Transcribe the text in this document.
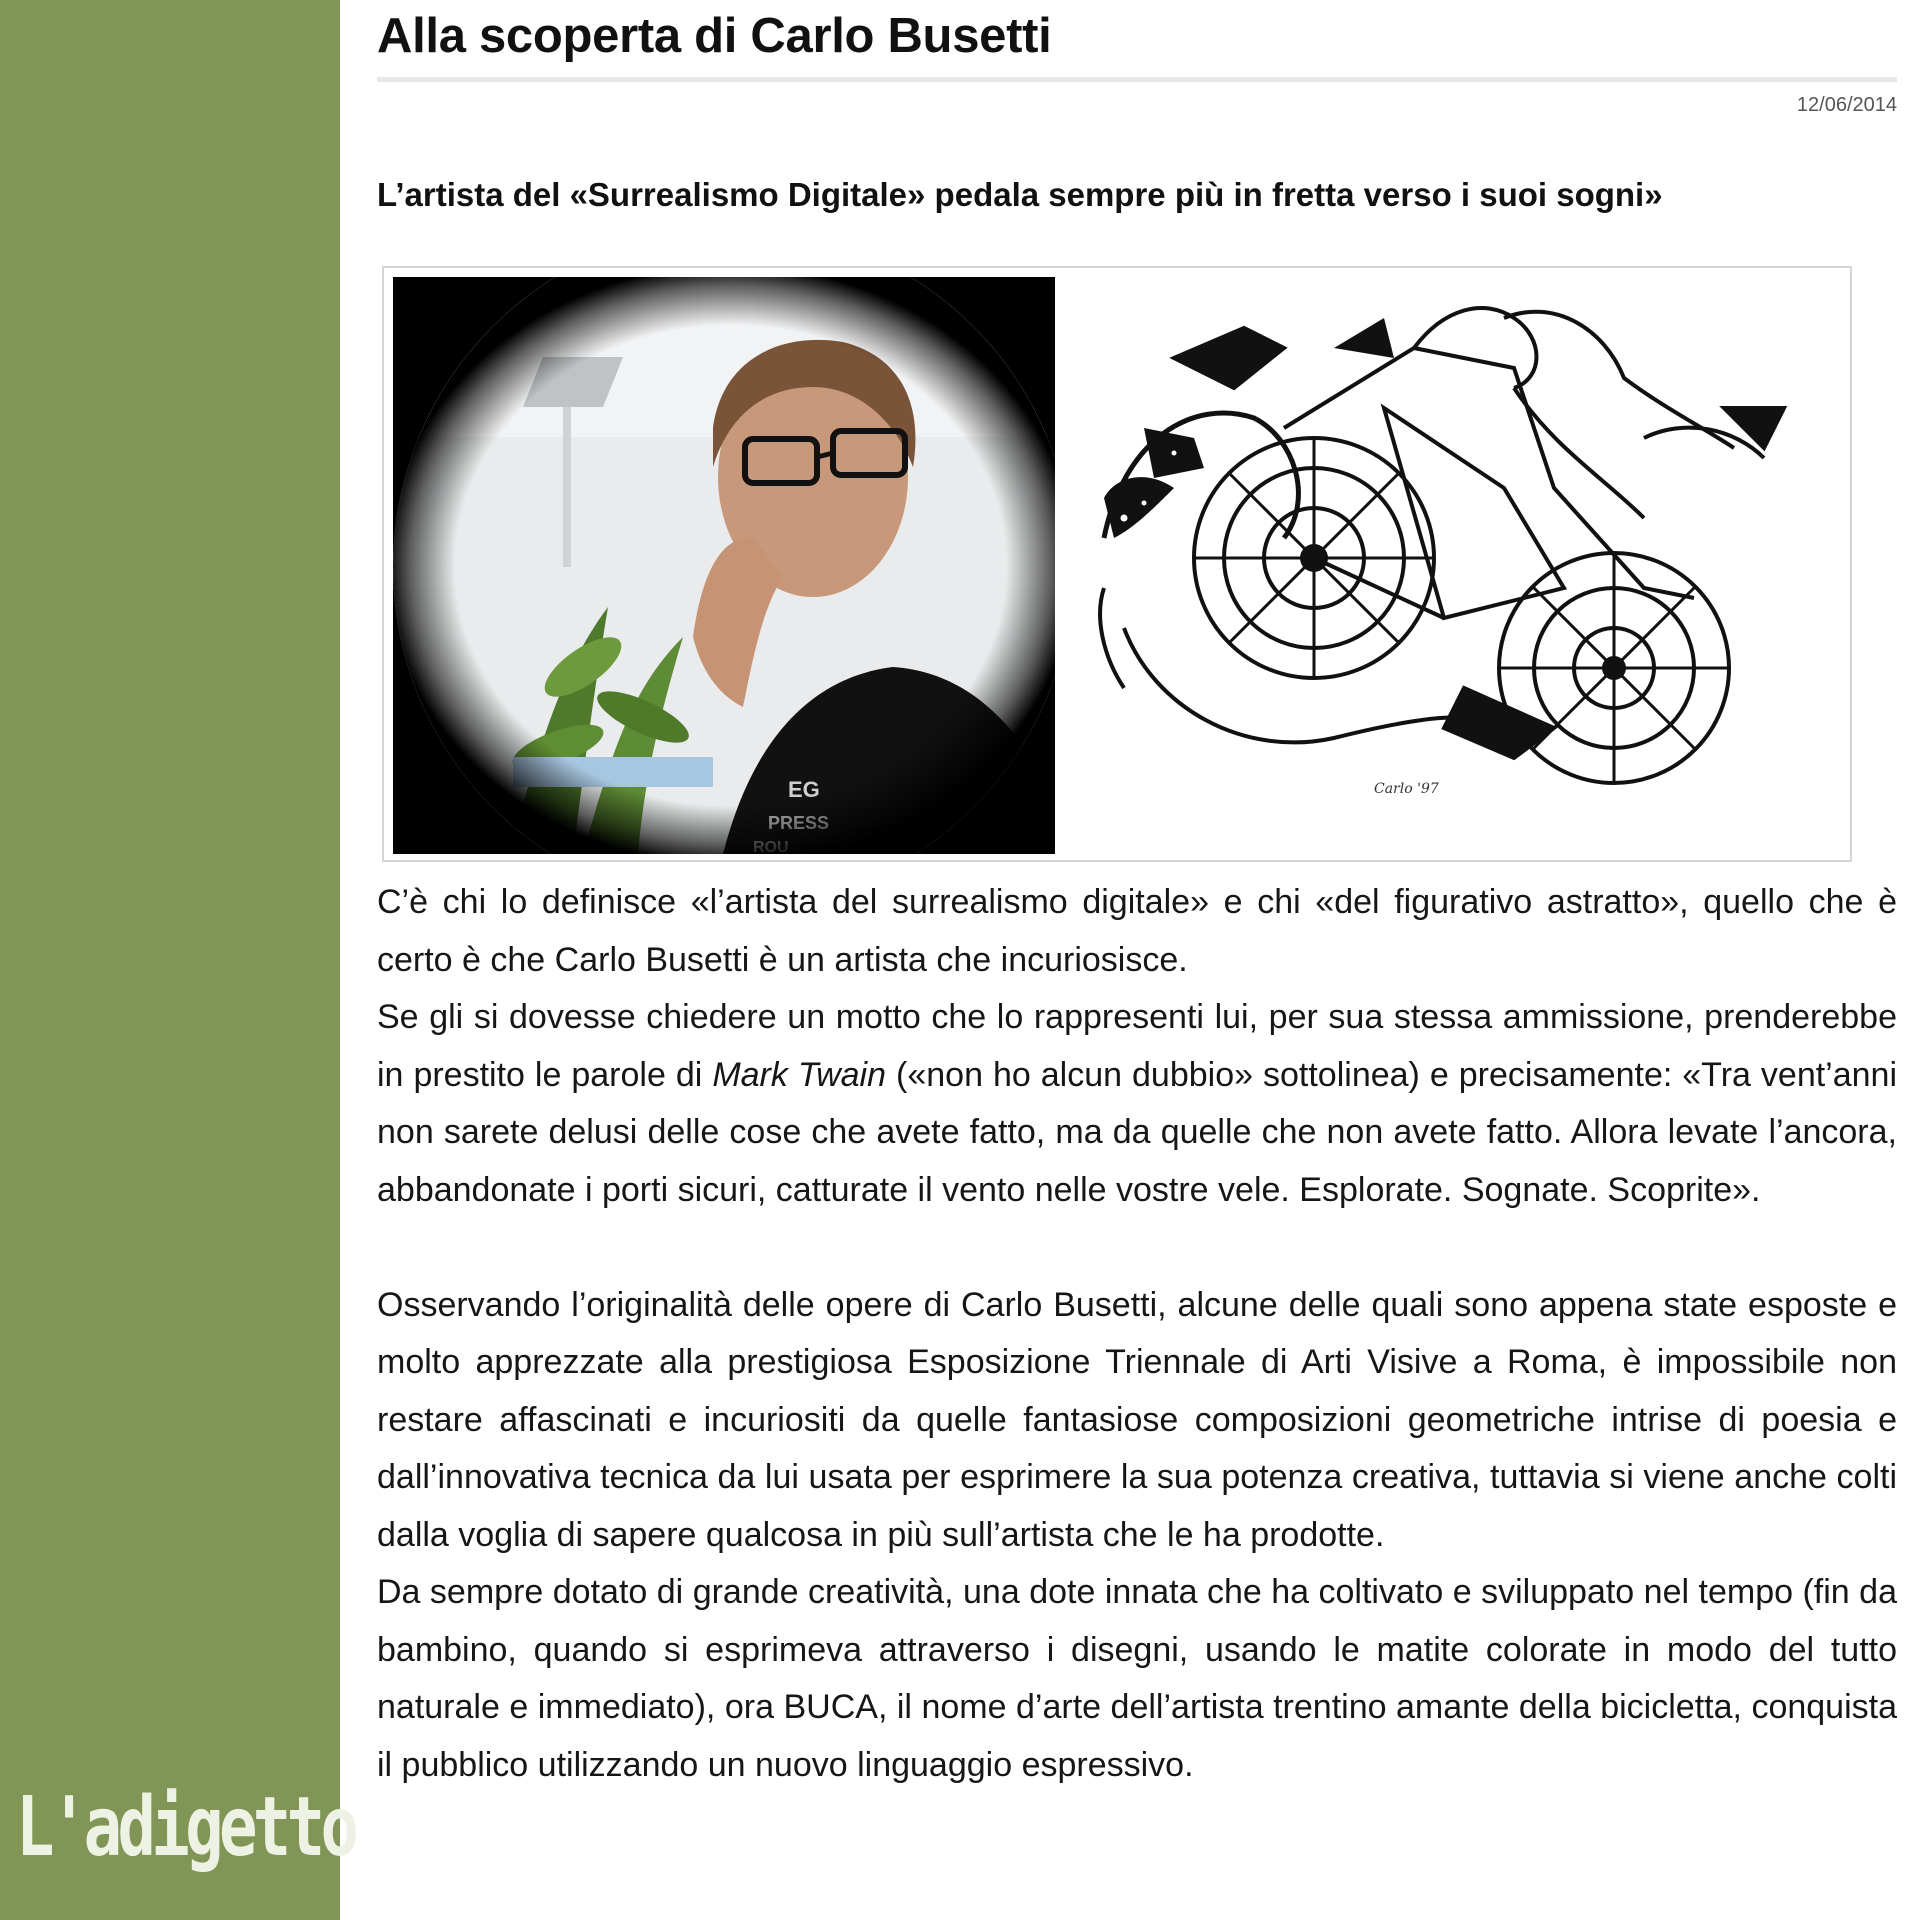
L'adigetto
Alla scoperta di Carlo Busetti
12/06/2014
L’artista del «Surrealismo Digitale» pedala sempre più in fretta verso i suoi sogni»
Carlo '97

C’è chi lo definisce «l’artista del surrealismo digitale» e chi «del figurativo astratto», quello che è certo è che Carlo Busetti è un artista che incuriosisce.

Se gli si dovesse chiedere un motto che lo rappresenti lui, per sua stessa ammissione, prenderebbe in prestito le parole di Mark Twain («non ho alcun dubbio» sottolinea) e precisamente: «Tra vent’anni non sarete delusi delle cose che avete fatto, ma da quelle che non avete fatto. Allora levate l’ancora, abbandonate i porti sicuri, catturate il vento nelle vostre vele. Esplorate. Sognate. Scoprite».

Osservando l’originalità delle opere di Carlo Busetti, alcune delle quali sono appena state esposte e molto apprezzate alla prestigiosa Esposizione Triennale di Arti Visive a Roma, è impossibile non restare affascinati e incuriositi da quelle fantasiose composizioni geometriche intrise di poesia e dall’innovativa tecnica da lui usata per esprimere la sua potenza creativa, tuttavia si viene anche colti dalla voglia di sapere qualcosa in più sull’artista che le ha prodotte.

Da sempre dotato di grande creatività, una dote innata che ha coltivato e sviluppato nel tempo (fin da bambino, quando si esprimeva attraverso i disegni, usando le matite colorate in modo del tutto naturale e immediato), ora BUCA, il nome d’arte dell’artista trentino amante della bicicletta, conquista il pubblico utilizzando un nuovo linguaggio espressivo.
